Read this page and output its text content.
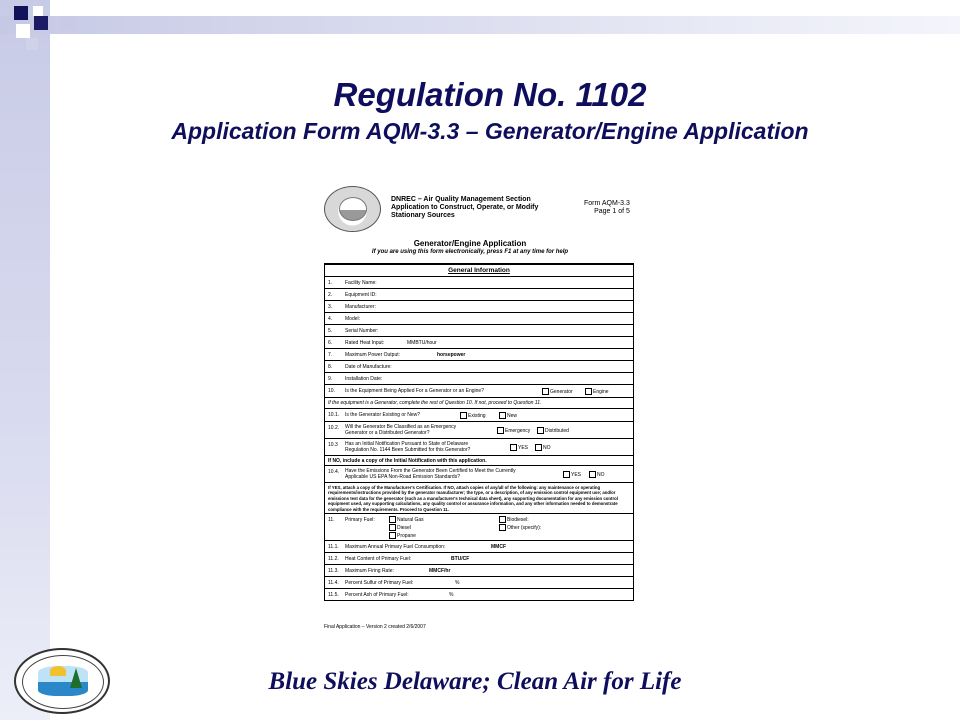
Regulation No. 1102
Application Form AQM-3.3 – Generator/Engine Application
DNREC – Air Quality Management Section
Application to Construct, Operate, or Modify
Stationary Sources
Form AQM-3.3
Page 1 of 5
Generator/Engine Application
If you are using this form electronically, press F1 at any time for help
General Information
1.	Facility Name:
2.	Equipment ID:
3.	Manufacturer:
4.	Model:
5.	Serial Number:
6.	Rated Heat Input:	MMBTU/hour
7.	Maximum Power Output:	horsepower
8.	Date of Manufacture:
9.	Installation Date:
10. Is the Equipment Being Applied For a Generator or an Engine?	Generator	Engine
If the equipment is a Generator, complete the rest of Question 10. If not, proceed to Question 11.
10.1. Is the Generator Existing or New?	Existing	New
10.2. Will the Generator Be Classified as an Emergency
Generator or a Distributed Generator?	Emergency	Distributed
10.3 Has an Initial Notification Pursuant to State of Delaware
Regulation No. 1144 Been Submitted for this Generator?	YES	NO
If NO, include a copy of the Initial Notification with this application.
10.4. Have the Emissions From the Generator Been Certified to Meet the Currently
Applicable US EPA Non-Road Emission Standards?	YES	NO
If YES, attach a copy of the Manufacturer's Certification. If NO, attach copies of any/all of the following: any maintenance or operating requirements/instructions provided by the generator manufacturer; the type, or a description, of any emission control equipment use; and/or emissions test data for the generator (such as a manufacturer's technical data sheet), any supporting documentation for any emission control equipment used, any supporting calculations, any quality control or assurance information, and any other information needed to demonstrate compliance with the requirements. Proceed to Question 11.
11. Primary Fuel:	Natural Gas
Diesel
Propane
Biodiesel:
Other (specify):
11.1. Maximum Annual Primary Fuel Consumption:	MMCF
11.2. Heat Content of Primary Fuel:	BTU/CF
11.3. Maximum Firing Rate:	MMCF/hr
11.4. Percent Sulfur of Primary Fuel:	%
11.5. Percent Ash of Primary Fuel:	%
Final Application – Version 2 created 2/6/2007
Blue Skies Delaware; Clean Air for Life
